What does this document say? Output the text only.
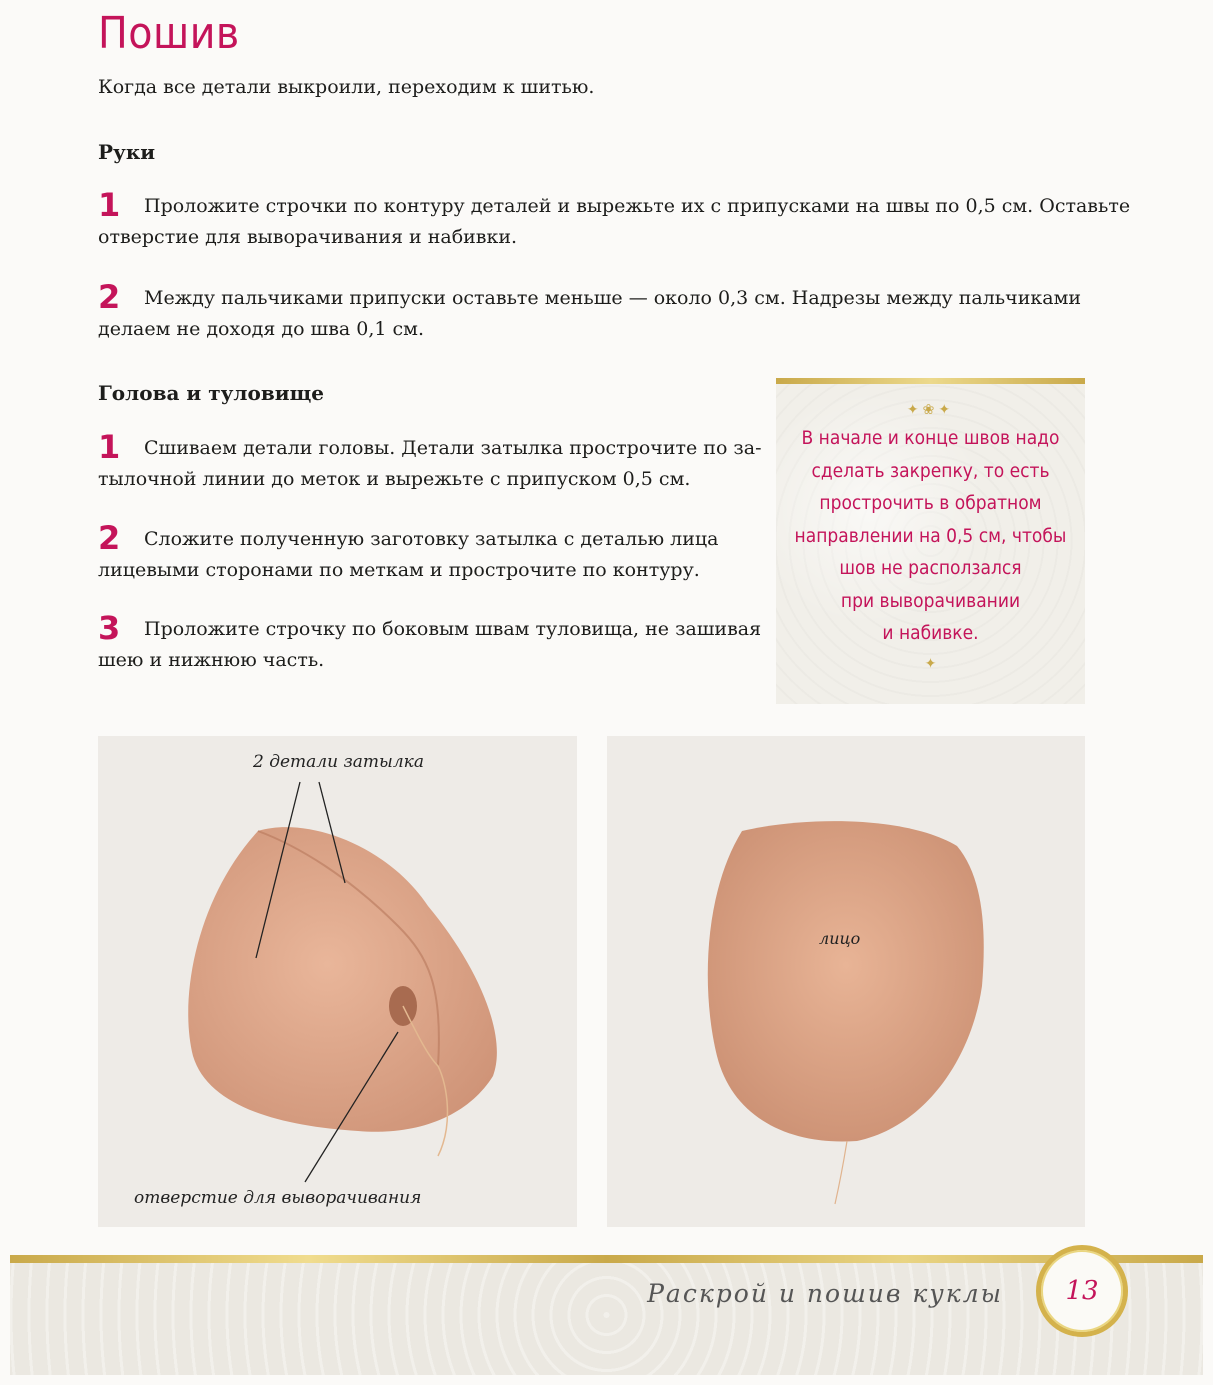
Пошив
Когда все детали выкроили, переходим к шитью.
Руки
1 Проложите строчки по контуру деталей и вырежьте их с припусками на швы по 0,5 см. Оставьте
отверстие для выворачивания и набивки.
2 Между пальчиками припуски оставьте меньше — около 0,3 см. Надрезы между пальчиками
делаем не доходя до шва 0,1 см.
Голова и туловище
1 Сшиваем детали головы. Детали затылка прострочите по за-
тылочной линии до меток и вырежьте с припуском 0,5 см.
2 Сложите полученную заготовку затылка с деталью лица
лицевыми сторонами по меткам и прострочите по контуру.
3 Проложите строчку по боковым швам туловища, не зашивая
шею и нижнюю часть.
✦❀✦
В начале и конце швов надо
сделать закрепку, то есть
прострочить в обратном
направлении на 0,5 см, чтобы
шов не расползался
при выворачивании
и набивке.
✦
2 детали затылка
отверстие для выворачивания
лицо
Раскрой и пошив куклы	13
